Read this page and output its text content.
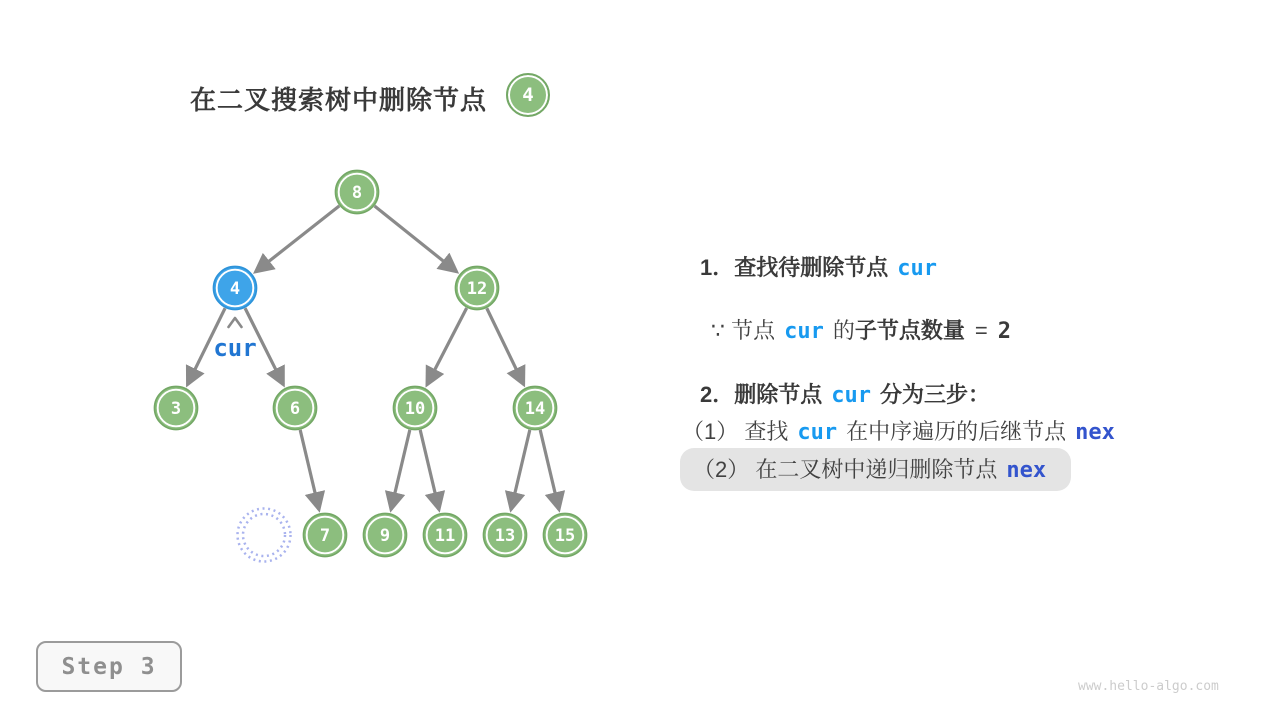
8
4	12
3	6	10	14
7	9	11 13 15
cur
在二叉搜索树中删除节点 4
1．查找待删除节点 cur
∵ 节点 cur 的子节点数量 = 2
2．删除节点 cur 分为三步：
（1） 查找 cur 在中序遍历的后继节点 nex
（2） 在二叉树中递归删除节点 nex
Step 3
www.hello-algo.com
